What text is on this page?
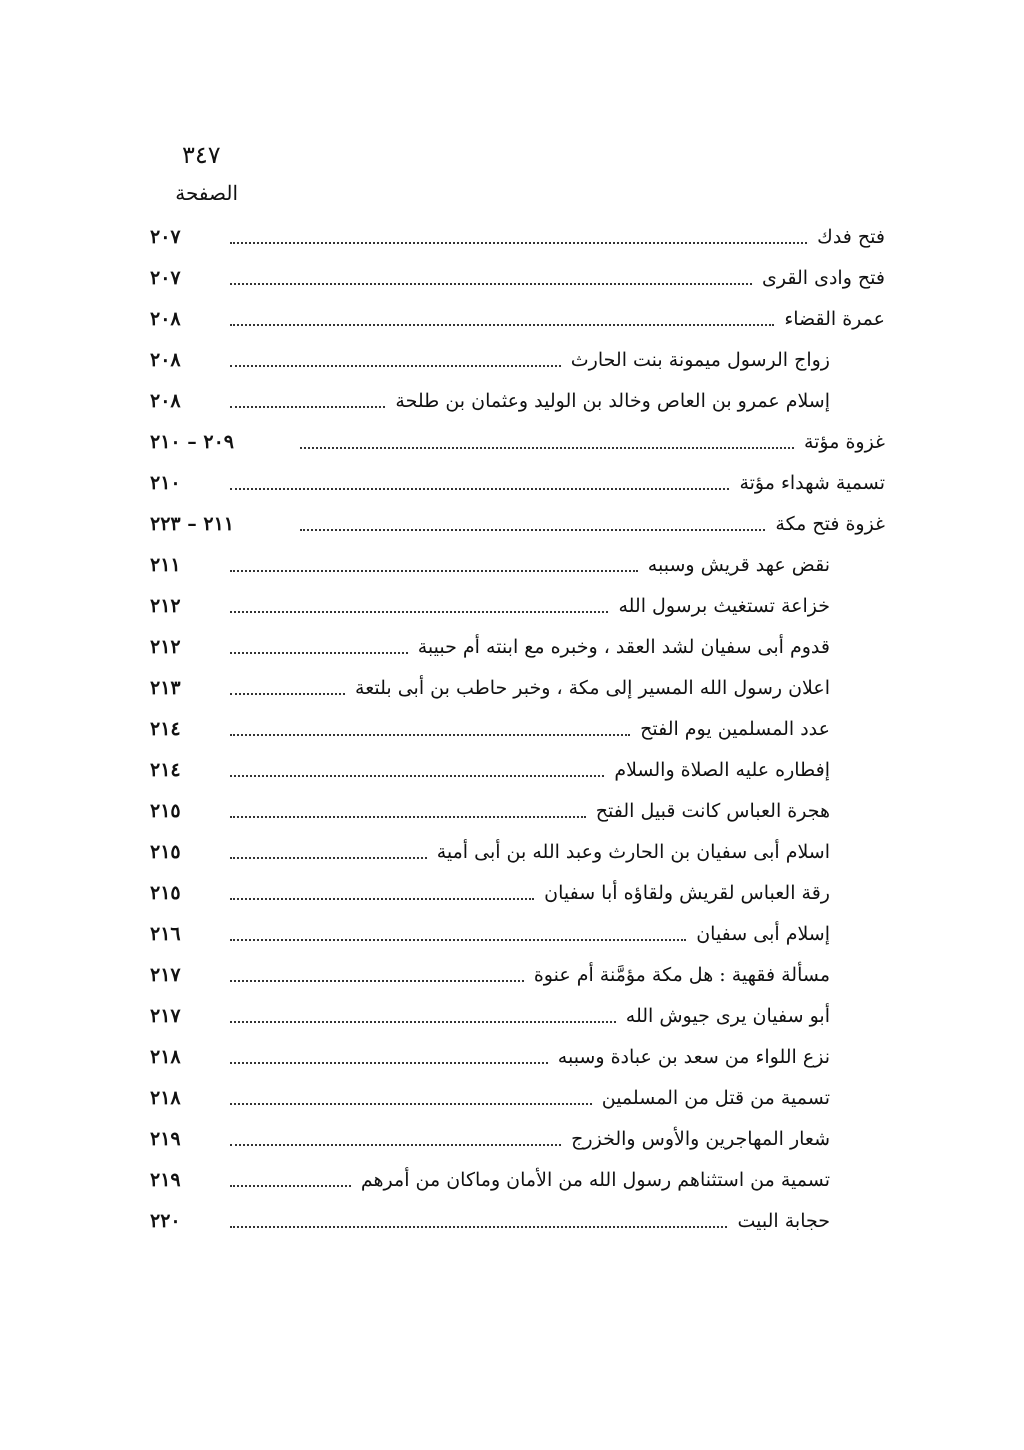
٣٤٧
الصفحة
فتح فدك
٢٠٧
فتح وادى القرى
٢٠٧
عمرة القضاء
٢٠٨
زواج الرسول ميمونة بنت الحارث
٢٠٨
إسلام عمرو بن العاص وخالد بن الوليد وعثمان بن طلحة
٢٠٨
غزوة مؤتة
٢٠٩ – ٢١٠
تسمية شهداء مؤتة
٢١٠
غزوة فتح مكة
٢١١ – ٢٢٣
نقض عهد قريش وسببه
٢١١
خزاعة تستغيث برسول الله
٢١٢
قدوم أبى سفيان لشد العقد ، وخبره مع ابنته أم حبيبة
٢١٢
اعلان رسول الله المسير إلى مكة ، وخبر حاطب بن أبى بلتعة
٢١٣
عدد المسلمين يوم الفتح
٢١٤
إفطاره عليه الصلاة والسلام
٢١٤
هجرة العباس كانت قبيل الفتح
٢١٥
اسلام أبى سفيان بن الحارث وعبد الله بن أبى أمية
٢١٥
رقة العباس لقريش ولقاؤه أبا سفيان
٢١٥
إسلام أبى سفيان
٢١٦
مسألة فقهية : هل مكة مؤمَّنة أم عنوة
٢١٧
أبو سفيان يرى جيوش الله
٢١٧
نزع اللواء من سعد بن عبادة وسببه
٢١٨
تسمية من قتل من المسلمين
٢١٨
شعار المهاجرين والأوس والخزرج
٢١٩
تسمية من استثناهم رسول الله من الأمان وماكان من أمرهم
٢١٩
حجابة البيت
٢٢٠
